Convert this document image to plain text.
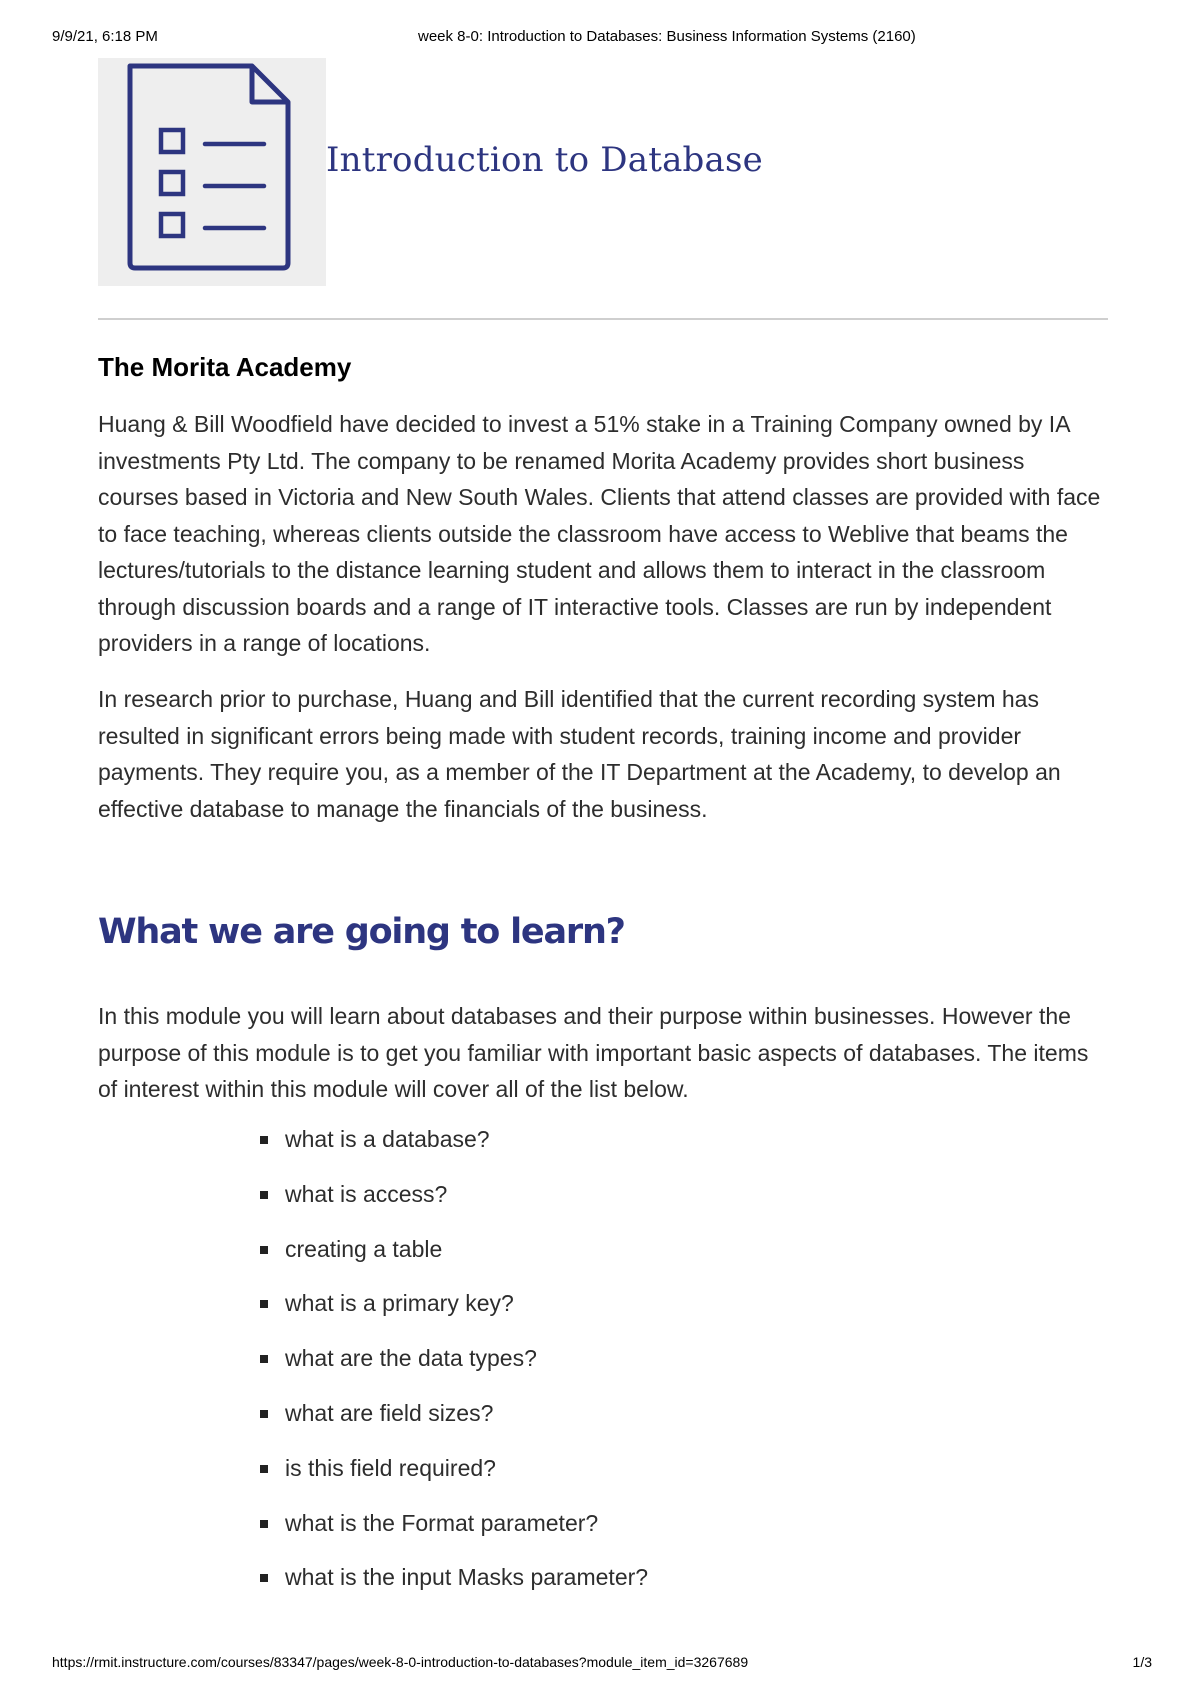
9/9/21, 6:18 PM	week 8-0: Introduction to Databases: Business Information Systems (2160)
Introduction to Database
The Morita Academy

Huang & Bill Woodfield have decided to invest a 51% stake in a Training Company owned by IA investments Pty Ltd. The company to be renamed Morita Academy provides short business courses based in Victoria and New South Wales. Clients that attend classes are provided with face to face teaching, whereas clients outside the classroom have access to Weblive that beams the lectures/tutorials to the distance learning student and allows them to interact in the classroom through discussion boards and a range of IT interactive tools. Classes are run by independent providers in a range of locations.

In research prior to purchase, Huang and Bill identified that the current recording system has resulted in significant errors being made with student records, training income and provider payments. They require you, as a member of the IT Department at the Academy, to develop an effective database to manage the financials of the business.

What we are going to learn?

In this module you will learn about databases and their purpose within businesses. However the purpose of this module is to get you familiar with important basic aspects of databases. The items of interest within this module will cover all of the list below.

what is a database?
what is access?
creating a table
what is a primary key?
what are the data types?
what are field sizes?
is this field required?
what is the Format parameter?
what is the input Masks parameter?
https://rmit.instructure.com/courses/83347/pages/week-8-0-introduction-to-databases?module_item_id=3267689	1/3
